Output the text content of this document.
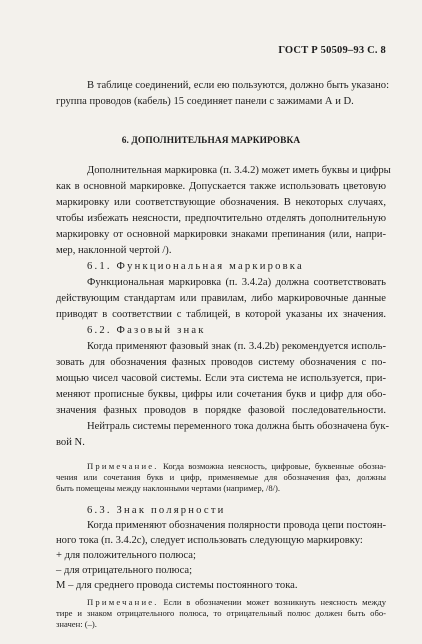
ГОСТ Р 50509–93 С. 8
В таблице соединений, если ею пользуются, должно быть указано:
группа проводов (кабель) 15 соединяет панели с зажимами А и D.
6. ДОПОЛНИТЕЛЬНАЯ МАРКИРОВКА
Дополнительная маркировка (п. 3.4.2) может иметь буквы и цифры
как в основной маркировке. Допускается также использовать цветовую
маркировку или соответствующие обозначения. В некоторых случаях,
чтобы избежать неясности, предпочтительно отделять дополнительную
маркировку от основной маркировки знаками препинания (или, напри-
мер, наклонной чертой /).
6.1. Функциональная маркировка
Функциональная маркировка (п. 3.4.2а) должна соответствовать
действующим стандартам или правилам, либо маркировочные данные
приводят в соответствии с таблицей, в которой указаны их значения.
6.2. Фазовый знак
Когда применяют фазовый знак (п. 3.4.2b) рекомендуется исполь-
зовать для обозначения фазных проводов систему обозначения с по-
мощью чисел часовой системы. Если эта система не используется, при-
меняют прописные буквы, цифры или сочетания букв и цифр для обо-
значения фазных проводов в порядке фазовой последовательности.
Нейтраль системы переменного тока должна быть обозначена бук-
вой N.
Примечание. Когда возможна неясность, цифровые, буквенные обозна-
чения или сочетания букв и цифр, применяемые для обозначения фаз, должны
быть помещены между наклонными чертами (например, /8/).
6.3. Знак полярности
Когда применяют обозначения полярности провода цепи постоян-
ного тока (п. 3.4.2с), следует использовать следующую маркировку:
+ для положительного полюса;
– для отрицательного полюса;
М – для среднего провода системы постоянного тока.
Примечание. Если в обозначении может возникнуть неясность между
тире и знаком отрицательного полюса, то отрицательный полюс должен быть обо-
значен: (–).
